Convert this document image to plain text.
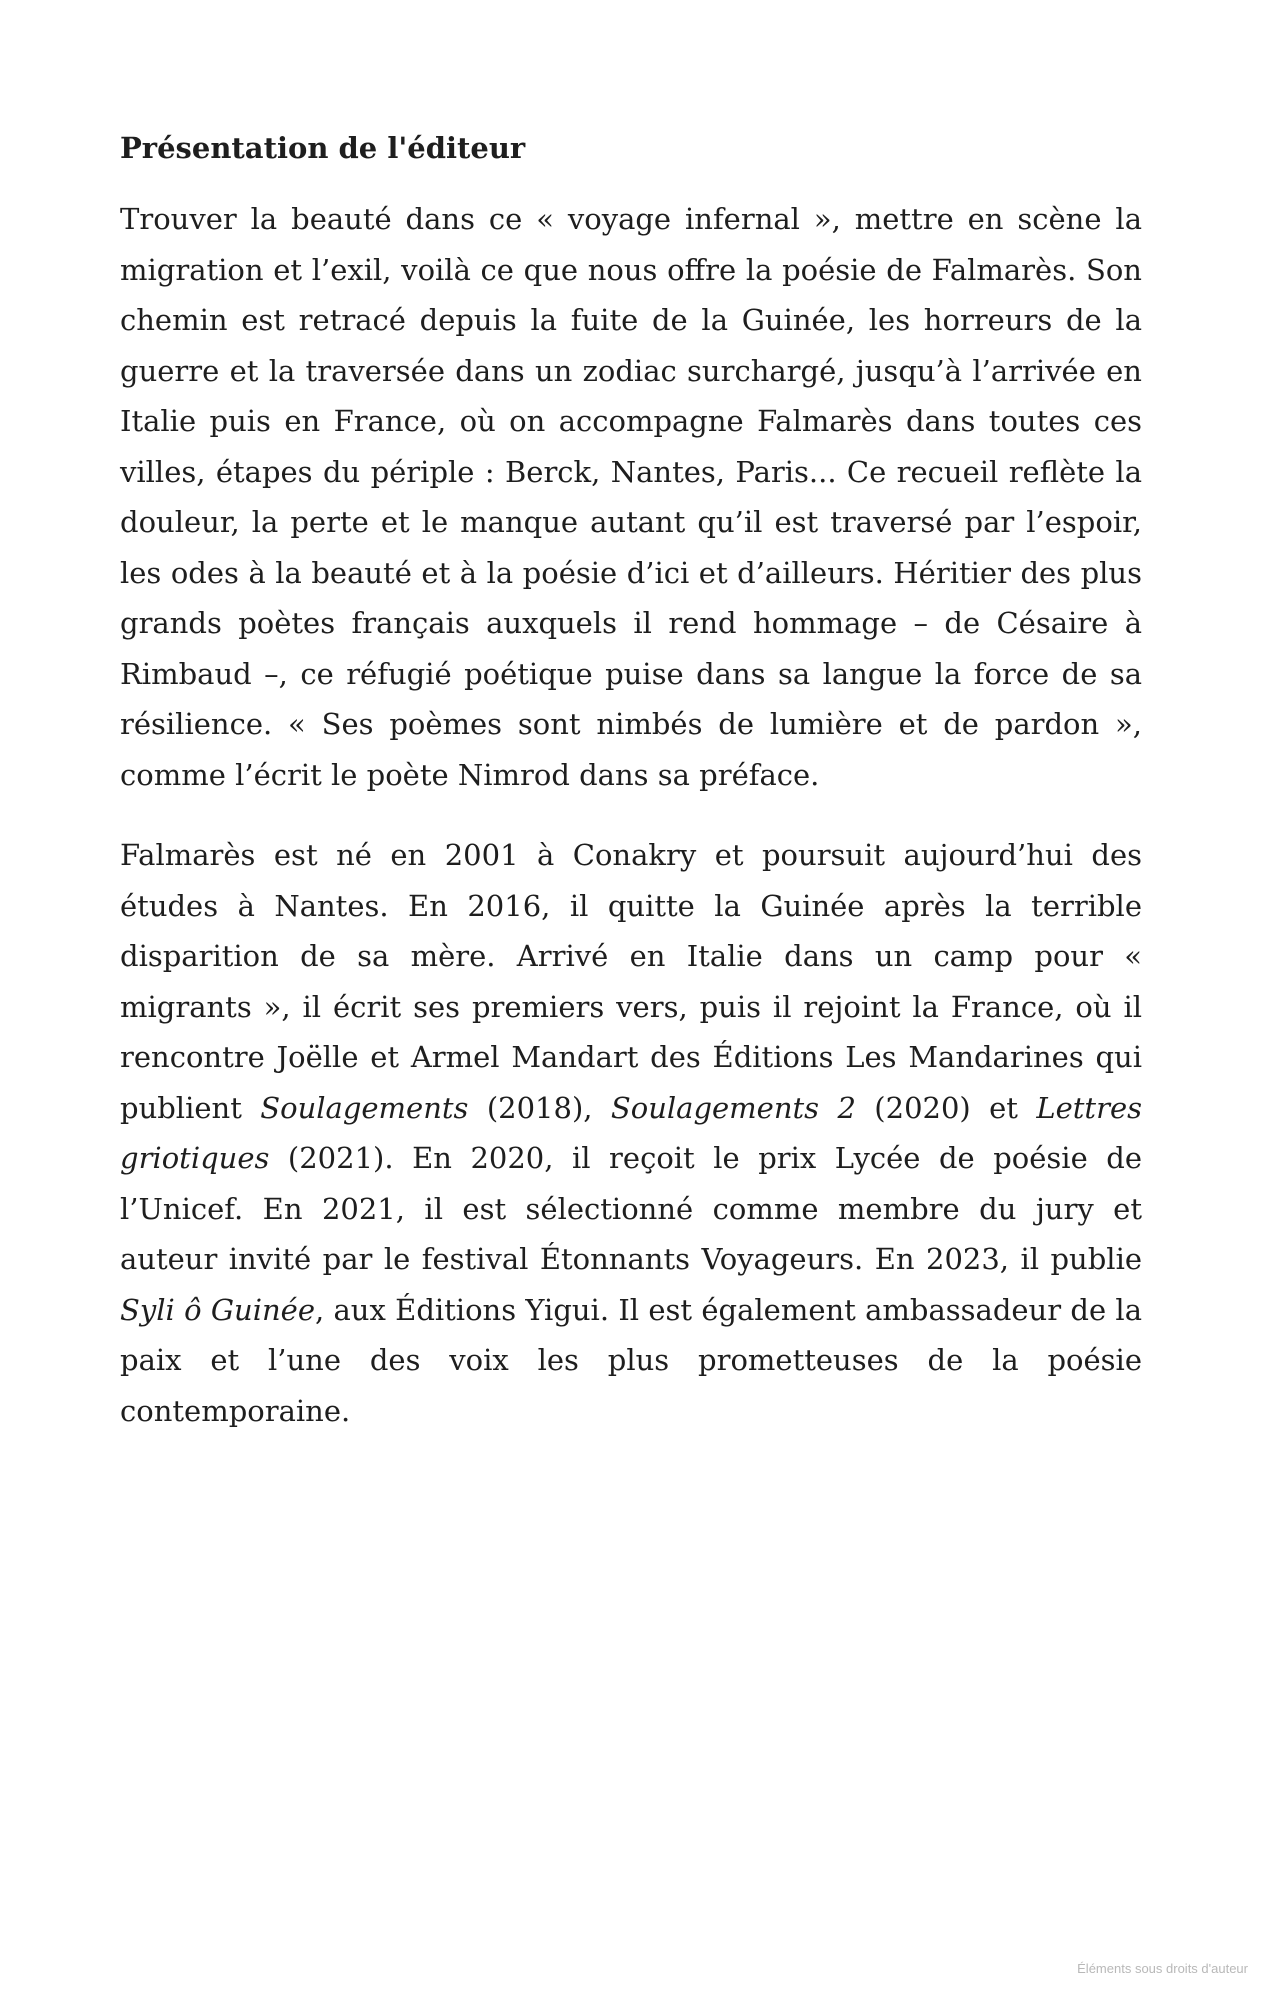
Présentation de l'éditeur

Trouver la beauté dans ce « voyage infernal », mettre en scène la migration et l’exil, voilà ce que nous offre la poésie de Falmarès. Son chemin est retracé depuis la fuite de la Guinée, les horreurs de la guerre et la traversée dans un zodiac surchargé, jusqu’à l’arrivée en Italie puis en France, où on accompagne Falmarès dans toutes ces villes, étapes du périple : Berck, Nantes, Paris... Ce recueil reflète la douleur, la perte et le manque autant qu’il est traversé par l’espoir, les odes à la beauté et à la poésie d’ici et d’ailleurs. Héritier des plus grands poètes français auxquels il rend hommage – de Césaire à Rimbaud –, ce réfugié poétique puise dans sa langue la force de sa résilience. « Ses poèmes sont nimbés de lumière et de pardon », comme l’écrit le poète Nimrod dans sa préface.

Falmarès est né en 2001 à Conakry et poursuit aujourd’hui des études à Nantes. En 2016, il quitte la Guinée après la terrible disparition de sa mère. Arrivé en Italie dans un camp pour « migrants », il écrit ses premiers vers, puis il rejoint la France, où il rencontre Joëlle et Armel Mandart des Éditions Les Mandarines qui publient Soulagements (2018), Soulagements 2 (2020) et Lettres griotiques (2021). En 2020, il reçoit le prix Lycée de poésie de l’Unicef. En 2021, il est sélectionné comme membre du jury et auteur invité par le festival Étonnants Voyageurs. En 2023, il publie Syli ô Guinée, aux Éditions Yigui. Il est également ambassadeur de la paix et l’une des voix les plus prometteuses de la poésie contemporaine.

Éléments sous droits d'auteur
